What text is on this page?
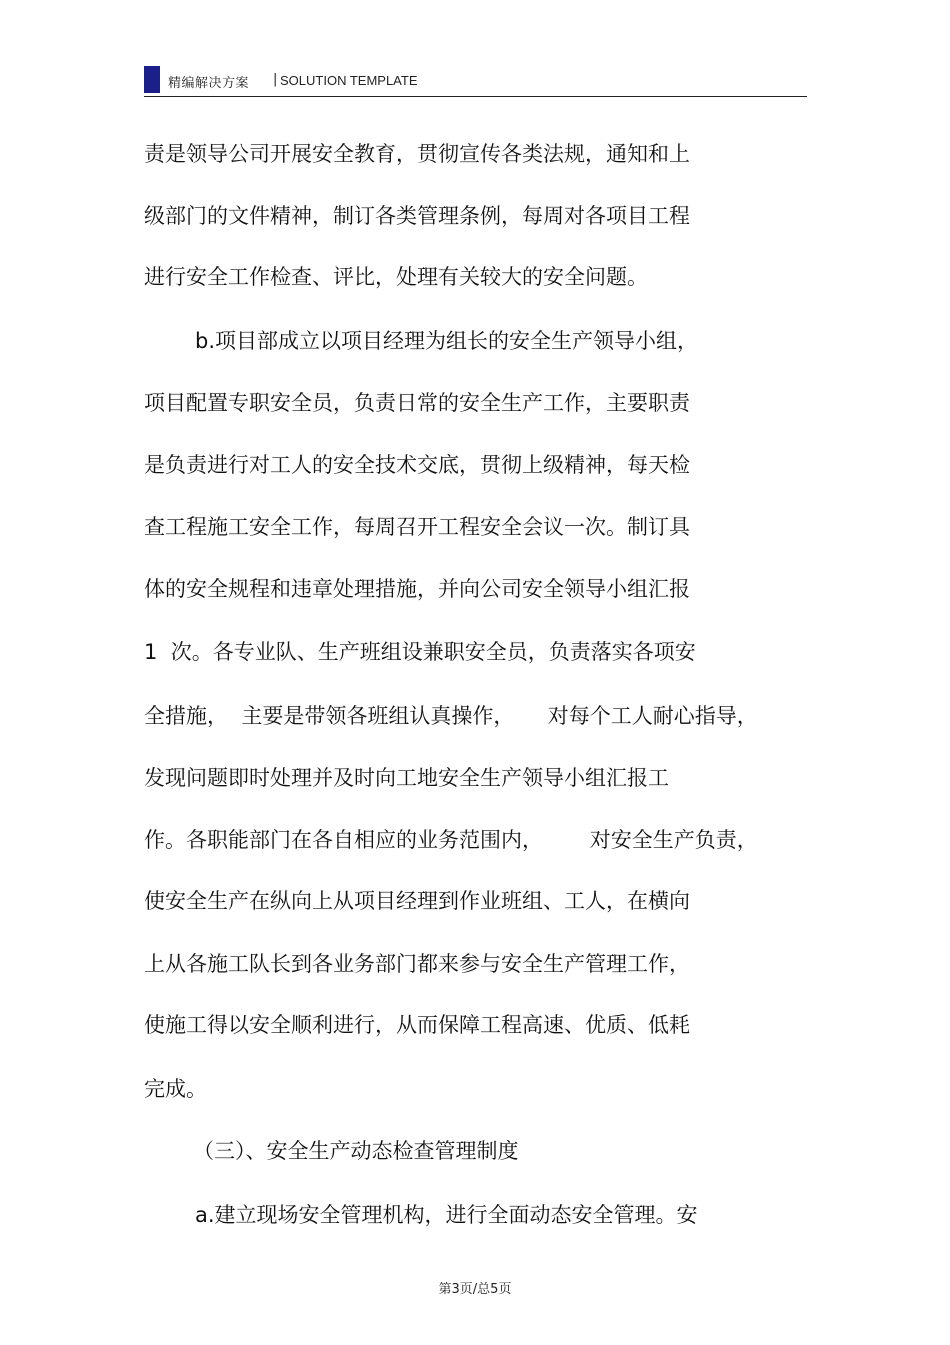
精编解决方案 | SOLUTION TEMPLATE
责是领导公司开展安全教育，贯彻宣传各类法规，通知和上
级部门的文件精神，制订各类管理条例，每周对各项目工程
进行安全工作检查、评比，处理有关较大的安全问题。
b.项目部成立以项目经理为组长的安全生产领导小组，
项目配置专职安全员，负责日常的安全生产工作，主要职责
是负责进行对工人的安全技术交底，贯彻上级精神，每天检
查工程施工安全工作，每周召开工程安全会议一次。制订具
体的安全规程和违章处理措施，并向公司安全领导小组汇报
1  次。各专业队、生产班组设兼职安全员，负责落实各项安
全措施，  主要是带领各班组认真操作，     对每个工人耐心指导，
发现问题即时处理并及时向工地安全生产领导小组汇报工
作。各职能部门在各自相应的业务范围内，       对安全生产负责，
使安全生产在纵向上从项目经理到作业班组、工人，在横向
上从各施工队长到各业务部门都来参与安全生产管理工作，
使施工得以安全顺利进行，从而保障工程高速、优质、低耗
完成。
（三）、安全生产动态检查管理制度
a.建立现场安全管理机构，进行全面动态安全管理。安
第3页/总5页
